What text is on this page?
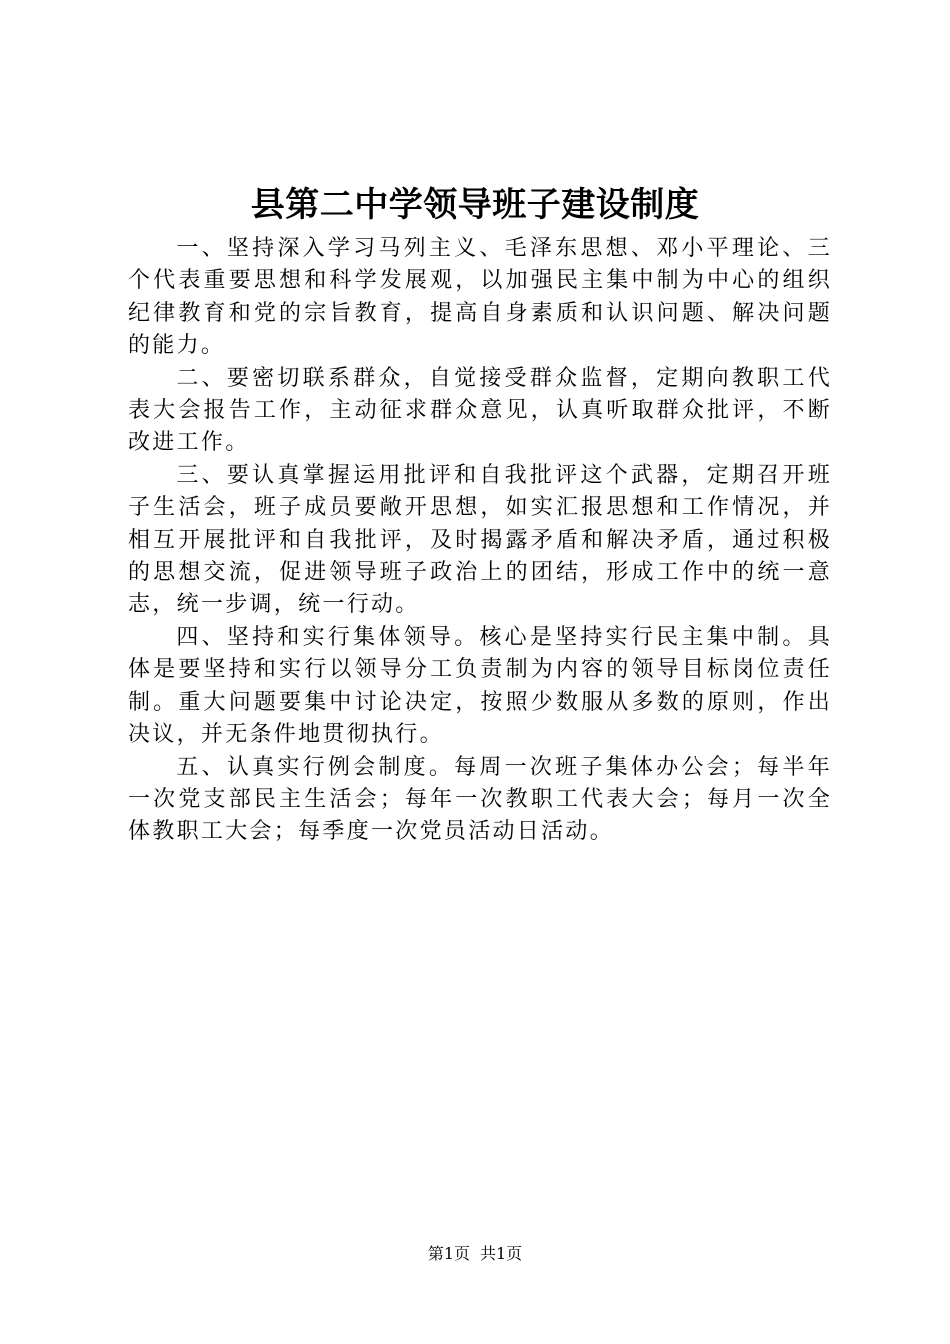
县第二中学领导班子建设制度

一、坚持深入学习马列主义、毛泽东思想、邓小平理论、三个代表重要思想和科学发展观，以加强民主集中制为中心的组织纪律教育和党的宗旨教育，提高自身素质和认识问题、解决问题的能力。

二、要密切联系群众，自觉接受群众监督，定期向教职工代表大会报告工作，主动征求群众意见，认真听取群众批评，不断改进工作。

三、要认真掌握运用批评和自我批评这个武器，定期召开班子生活会，班子成员要敞开思想，如实汇报思想和工作情况，并相互开展批评和自我批评，及时揭露矛盾和解决矛盾，通过积极的思想交流，促进领导班子政治上的团结，形成工作中的统一意志，统一步调，统一行动。

四、坚持和实行集体领导。核心是坚持实行民主集中制。具体是要坚持和实行以领导分工负责制为内容的领导目标岗位责任制。重大问题要集中讨论决定，按照少数服从多数的原则，作出决议，并无条件地贯彻执行。

五、认真实行例会制度。每周一次班子集体办公会；每半年一次党支部民主生活会；每年一次教职工代表大会；每月一次全体教职工大会；每季度一次党员活动日活动。

第1页 共1页
